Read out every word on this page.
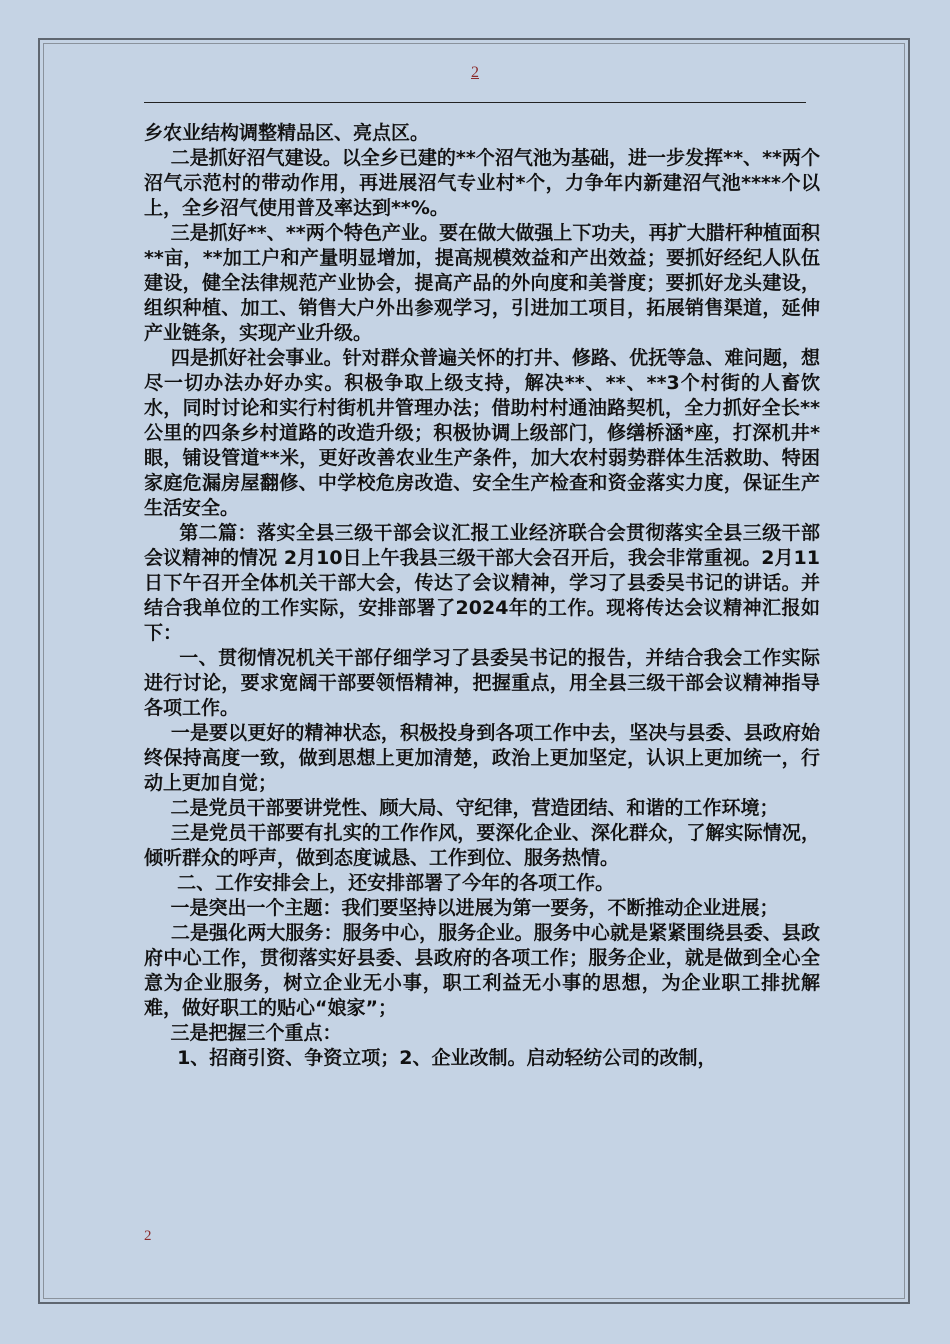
2

乡农业结构调整精品区、亮点区。

二是抓好沼气建设。以全乡已建的**个沼气池为基础，进一步发挥**、**两个沼气示范村的带动作用，再进展沼气专业村*个，力争年内新建沼气池****个以上，全乡沼气使用普及率达到**%。

三是抓好**、**两个特色产业。要在做大做强上下功夫，再扩大腊杆种植面积**亩，**加工户和产量明显增加，提高规模效益和产出效益；要抓好经纪人队伍建设，健全法律规范产业协会，提高产品的外向度和美誉度；要抓好龙头建设，组织种植、加工、销售大户外出参观学习，引进加工项目，拓展销售渠道，延伸产业链条，实现产业升级。

四是抓好社会事业。针对群众普遍关怀的打井、修路、优抚等急、难问题，想尽一切办法办好办实。积极争取上级支持，解决**、**、**3个村街的人畜饮水，同时讨论和实行村街机井管理办法；借助村村通油路契机，全力抓好全长**公里的四条乡村道路的改造升级；积极协调上级部门，修缮桥涵*座，打深机井*眼，铺设管道**米，更好改善农业生产条件，加大农村弱势群体生活救助、特困家庭危漏房屋翻修、中学校危房改造、安全生产检查和资金落实力度，保证生产生活安全。

第二篇：落实全县三级干部会议汇报工业经济联合会贯彻落实全县三级干部会议精神的情况 2月10日上午我县三级干部大会召开后，我会非常重视。2月11日下午召开全体机关干部大会，传达了会议精神，学习了县委吴书记的讲话。并结合我单位的工作实际，安排部署了2024年的工作。现将传达会议精神汇报如下：

一、贯彻情况机关干部仔细学习了县委吴书记的报告，并结合我会工作实际进行讨论，要求宽阔干部要领悟精神，把握重点，用全县三级干部会议精神指导各项工作。

一是要以更好的精神状态，积极投身到各项工作中去，坚决与县委、县政府始终保持高度一致，做到思想上更加清楚，政治上更加坚定，认识上更加统一，行动上更加自觉；

二是党员干部要讲党性、顾大局、守纪律，营造团结、和谐的工作环境；

三是党员干部要有扎实的工作作风，要深化企业、深化群众，了解实际情况，倾听群众的呼声，做到态度诚恳、工作到位、服务热情。

二、工作安排会上，还安排部署了今年的各项工作。

一是突出一个主题：我们要坚持以进展为第一要务，不断推动企业进展；

二是强化两大服务：服务中心，服务企业。服务中心就是紧紧围绕县委、县政府中心工作，贯彻落实好县委、县政府的各项工作；服务企业，就是做到全心全意为企业服务，树立企业无小事，职工利益无小事的思想，为企业职工排扰解难，做好职工的贴心“娘家”；

三是把握三个重点：

1、招商引资、争资立项；2、企业改制。启动轻纺公司的改制，

2
